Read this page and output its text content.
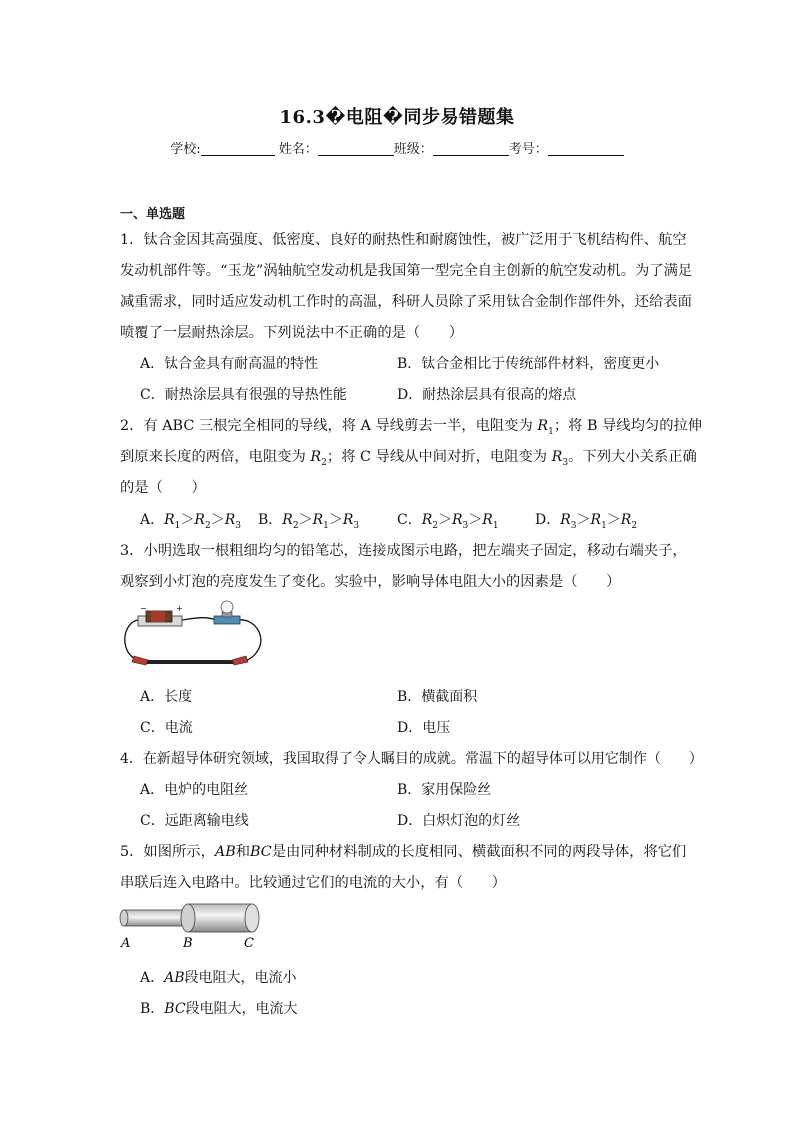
16.3�电阻�同步易错题集
学校:	姓名：	班级：	考号：
一、单选题
1．钛合金因其高强度、低密度、良好的耐热性和耐腐蚀性，被广泛用于飞机结构件、航空
发动机部件等。“玉龙”涡轴航空发动机是我国第一型完全自主创新的航空发动机。为了满足
减重需求，同时适应发动机工作时的高温，科研人员除了采用钛合金制作部件外，还给表面
喷覆了一层耐热涂层。下列说法中不正确的是（　　）
A．钛合金具有耐高温的特性	B．钛合金相比于传统部件材料，密度更小
C．耐热涂层具有很强的导热性能	D．耐热涂层具有很高的熔点
2．有 ABC 三根完全相同的导线，将 A 导线剪去一半，电阻变为 $R_1$；将 B 导线均匀的拉伸
到原来长度的两倍，电阻变为 $R_2$；将 C 导线从中间对折，电阻变为 $R_3$。下列大小关系正确
的是（　　）
A．$R_1>R_2>R_3$ B．$R_2>R_1>R_3$	C．$R_2>R_3>R_1$	D．$R_3>R_1>R_2$
3．小明选取一根粗细均匀的铅笔芯，连接成图示电路，把左端夹子固定，移动右端夹子，
观察到小灯泡的亮度发生了变化。实验中，影响导体电阻大小的因素是（　　）
−	+
A．长度	B．横截面积
C．电流	D．电压
4．在新超导体研究领域，我国取得了令人瞩目的成就。常温下的超导体可以用它制作（　　）
A．电炉的电阻丝	B．家用保险丝
C．远距离输电线	D．白炽灯泡的灯丝
5．如图所示，AB和BC是由同种材料制成的长度相同、横截面积不同的两段导体，将它们
串联后连入电路中。比较通过它们的电流的大小，有（　　）
A	B	C
A．AB段电阻大，电流小
B．BC段电阻大，电流大
